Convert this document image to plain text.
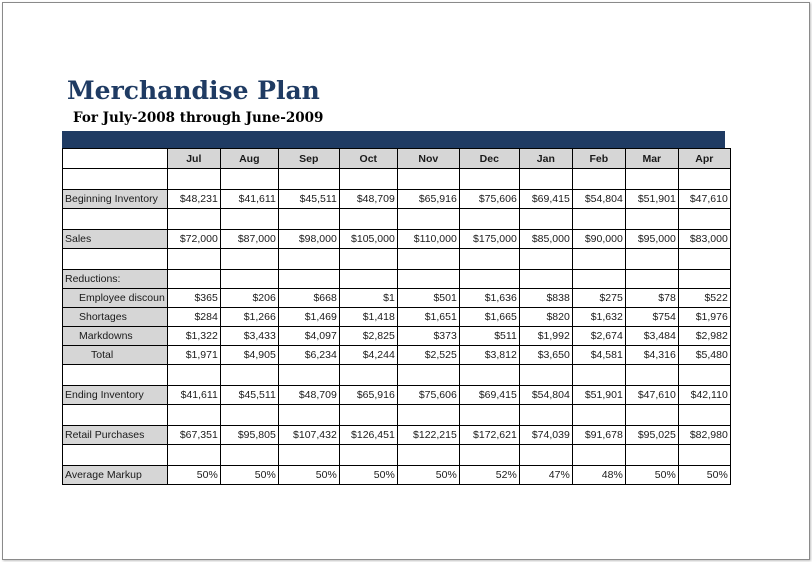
Merchandise Plan

For July-2008 through June-2009

	Jul	Aug	Sep	Oct	Nov	Dec	Jan	Feb	Mar	Apr

Beginning Inventory	$48,231	$41,611	$45,511	$48,709	$65,916	$75,606	$69,415	$54,804	$51,901	$47,610

Sales	$72,000	$87,000	$98,000	$105,000	$110,000	$175,000	$85,000	$90,000	$95,000	$83,000

Reductions:										
Employee discoun	$365	$206	$668	$1	$501	$1,636	$838	$275	$78	$522
Shortages	$284	$1,266	$1,469	$1,418	$1,651	$1,665	$820	$1,632	$754	$1,976
Markdowns	$1,322	$3,433	$4,097	$2,825	$373	$511	$1,992	$2,674	$3,484	$2,982
Total	$1,971	$4,905	$6,234	$4,244	$2,525	$3,812	$3,650	$4,581	$4,316	$5,480

Ending Inventory	$41,611	$45,511	$48,709	$65,916	$75,606	$69,415	$54,804	$51,901	$47,610	$42,110

Retail Purchases	$67,351	$95,805	$107,432	$126,451	$122,215	$172,621	$74,039	$91,678	$95,025	$82,980

Average Markup	50%	50%	50%	50%	50%	52%	47%	48%	50%	50%
